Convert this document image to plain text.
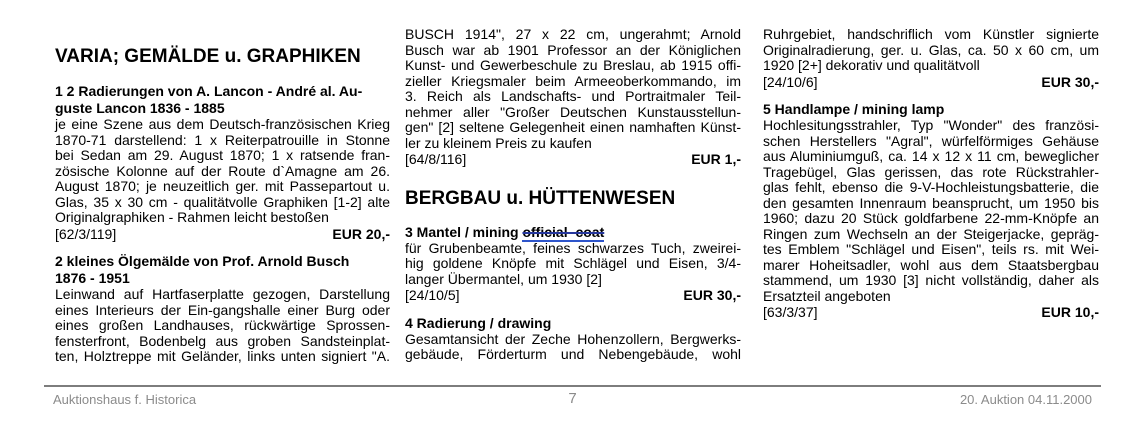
VARIA; GEMÄLDE u. GRAPHIKEN
1 2 Radierungen von A. Lancon - André al. Au-
guste Lancon 1836 - 1885
je eine Szene aus dem Deutsch-französischen Krieg
1870-71 darstellend: 1 x Reiterpatrouille in Stonne
bei Sedan am 29. August 1870; 1 x ratsende fran-
zösische Kolonne auf der Route d`Amagne am 26.
August 1870; je neuzeitlich ger. mit Passepartout u.
Glas, 35 x 30 cm - qualitätvolle Graphiken [1-2] alte
Originalgraphiken - Rahmen leicht bestoßen
[62/3/119]	EUR 20,-
2 kleines Ölgemälde von Prof. Arnold Busch
1876 - 1951
Leinwand auf Hartfaserplatte gezogen, Darstellung
eines Interieurs der Ein-gangshalle einer Burg oder
eines großen Landhauses, rückwärtige Sprossen-
fensterfront, Bodenbelg aus groben Sandsteinplat-
ten, Holztreppe mit Geländer, links unten signiert "A.
BUSCH 1914", 27 x 22 cm, ungerahmt; Arnold
Busch war ab 1901 Professor an der Königlichen
Kunst- und Gewerbeschule zu Breslau, ab 1915 offi-
zieller Kriegsmaler beim Armeeoberkommando, im
3. Reich als Landschafts- und Portraitmaler Teil-
nehmer aller "Großer Deutschen Kunstausstellun-
gen" [2] seltene Gelegenheit einen namhaften Künst-
ler zu kleinem Preis zu kaufen
[64/8/116]	EUR 1,-
BERGBAU u. HÜTTENWESEN
3 Mantel / mining official coat
für Grubenbeamte, feines schwarzes Tuch, zweirei-
hig goldene Knöpfe mit Schlägel und Eisen, 3/4-
langer Übermantel, um 1930 [2]
[24/10/5]	EUR 30,-
4 Radierung / drawing
Gesamtansicht der Zeche Hohenzollern, Bergwerks-
gebäude, Förderturm und Nebengebäude, wohl
Ruhrgebiet, handschriflich vom Künstler signierte
Originalradierung, ger. u. Glas, ca. 50 x 60 cm, um
1920 [2+] dekorativ und qualitätvoll
[24/10/6]	EUR 30,-
5 Handlampe / mining lamp
Hochlesitungsstrahler, Typ "Wonder" des französi-
schen Herstellers "Agral", würfelförmiges Gehäuse
aus Aluminiumguß, ca. 14 x 12 x 11 cm, beweglicher
Tragebügel, Glas gerissen, das rote Rückstrahler-
glas fehlt, ebenso die 9-V-Hochleistungsbatterie, die
den gesamten Innenraum beansprucht, um 1950 bis
1960; dazu 20 Stück goldfarbene 22-mm-Knöpfe an
Ringen zum Wechseln an der Steigerjacke, gepräg-
tes Emblem "Schlägel und Eisen", teils rs. mit Wei-
marer Hoheitsadler, wohl aus dem Staatsbergbau
stammend, um 1930 [3] nicht vollständig, daher als
Ersatzteil angeboten
[63/3/37]	EUR 10,-
Auktionshaus f. Historica	7	20. Auktion 04.11.2000
